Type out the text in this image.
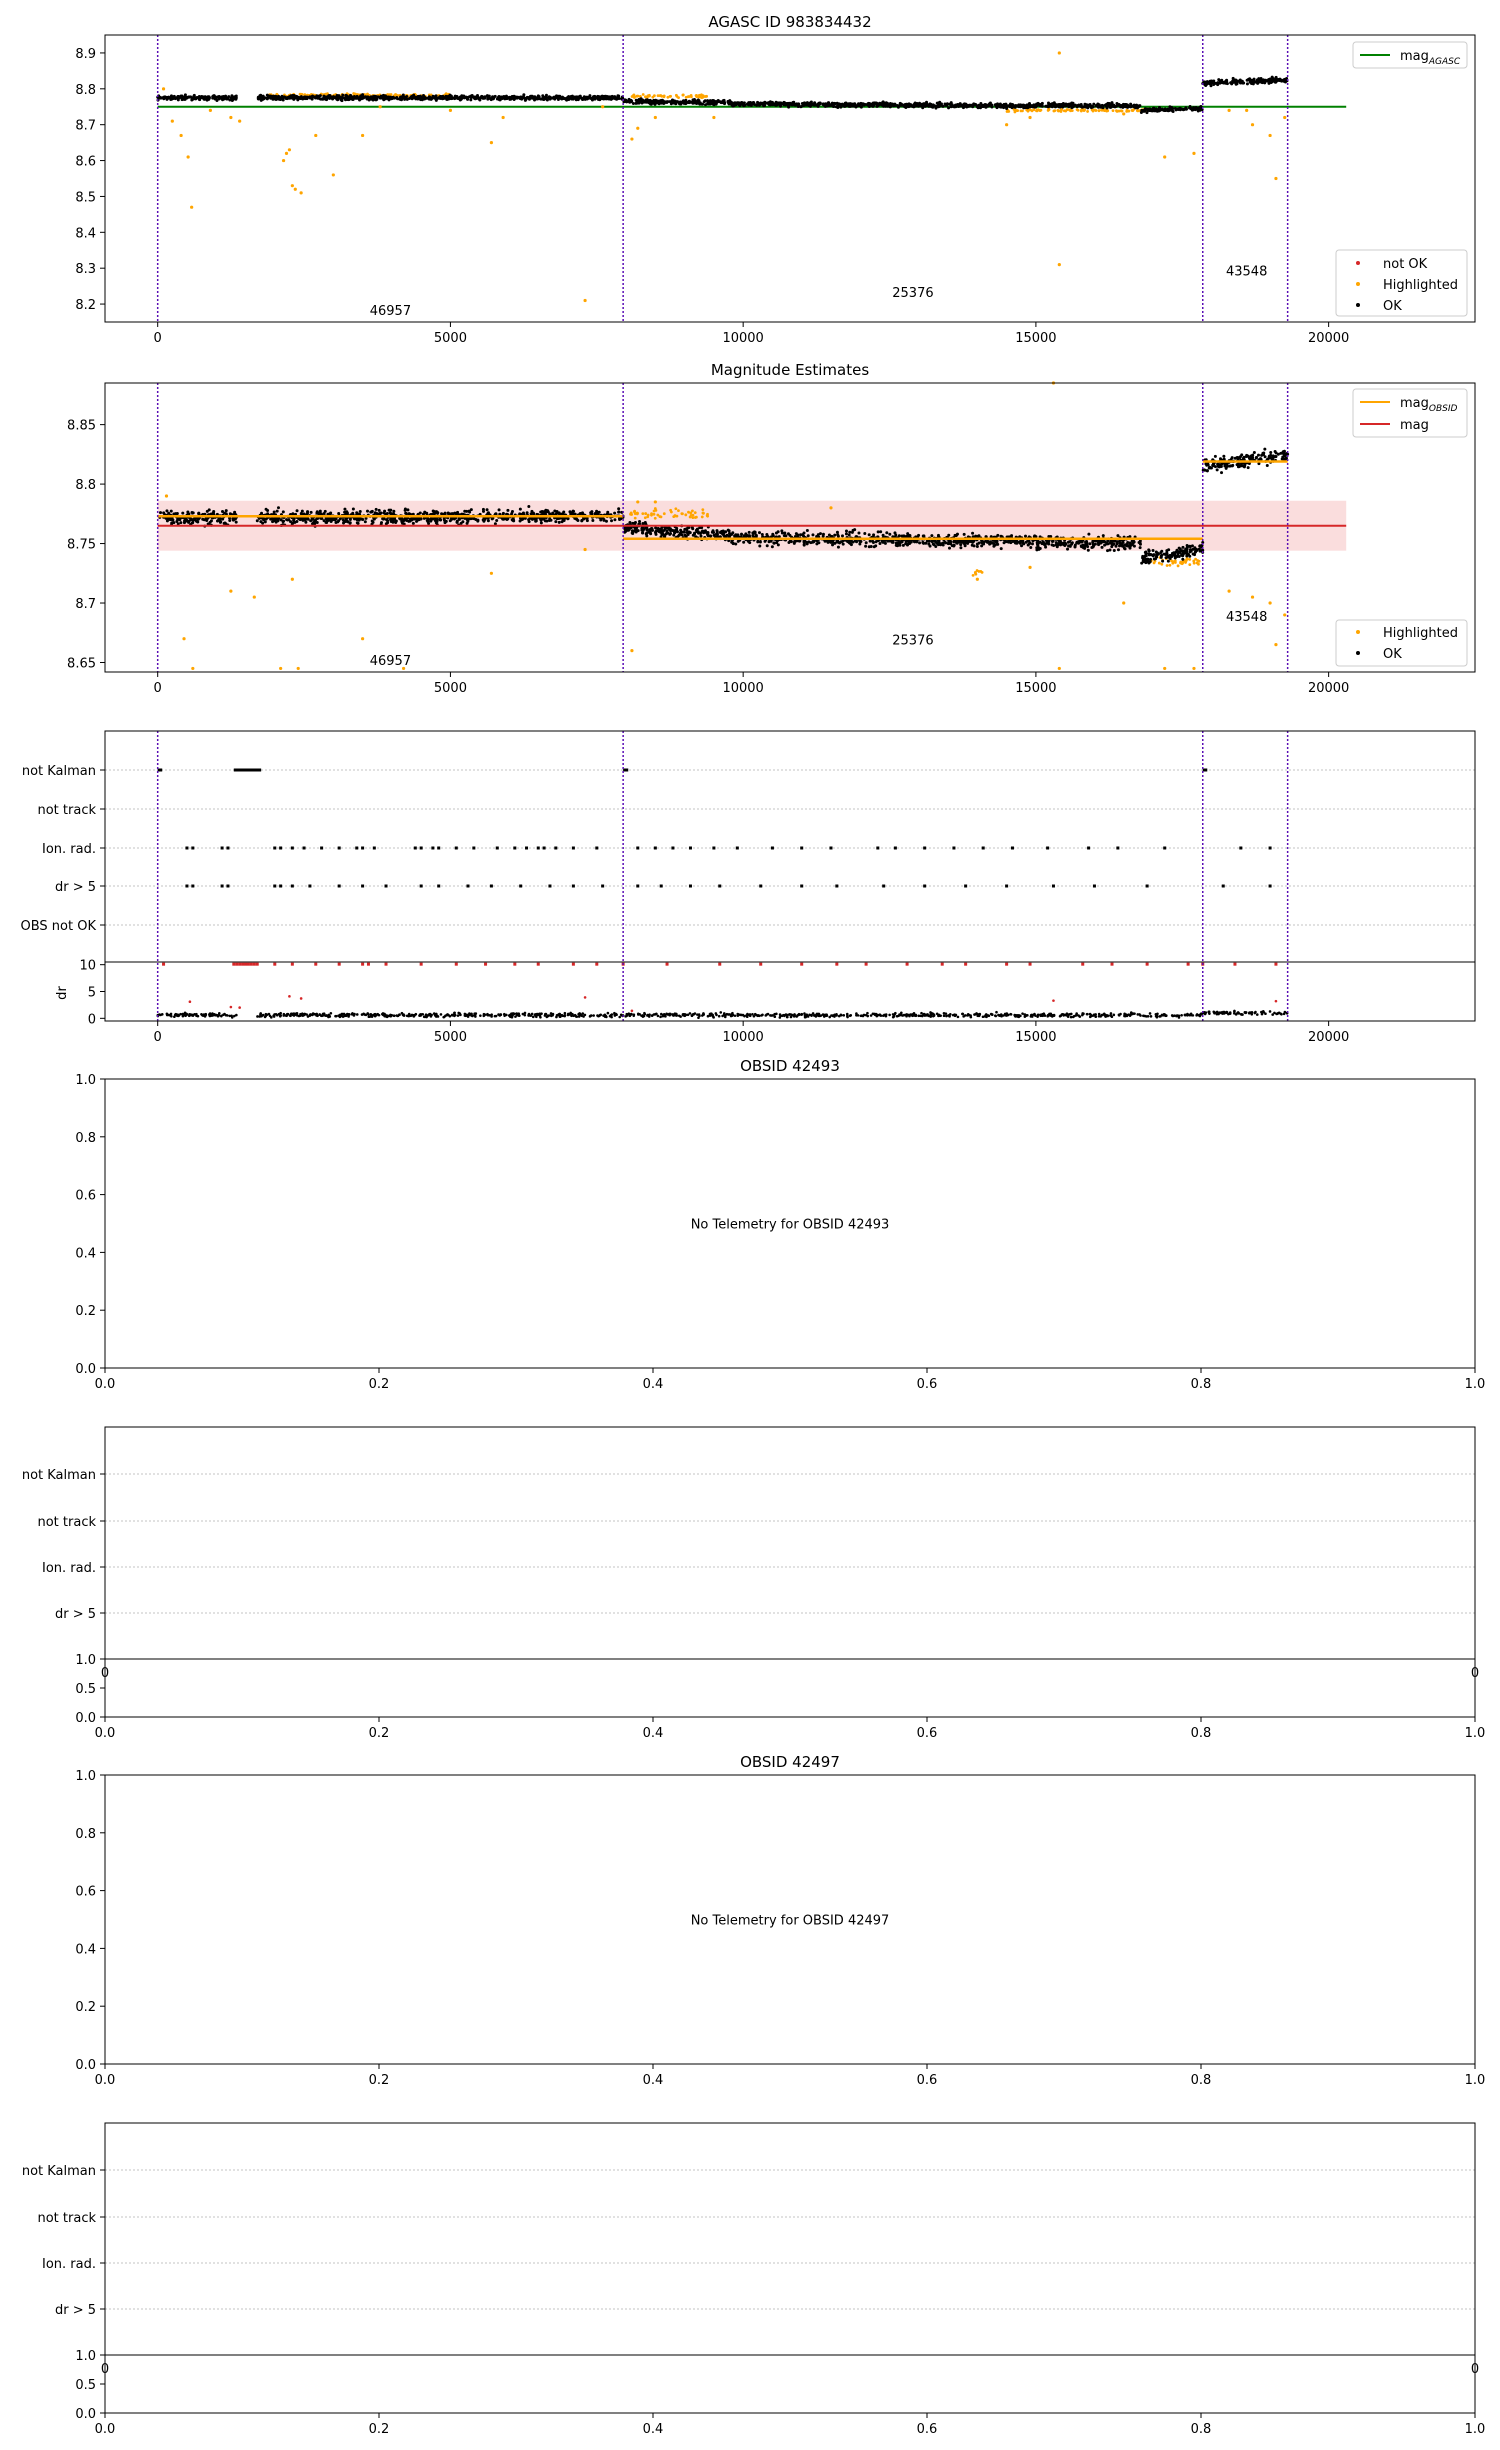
AGASC ID 983834432
46957
25376
43548
0	5000	10000	15000	20000
8.2
8.3
8.4
8.5
8.6
8.7
8.8
8.9	mag$_{AGASC}$
not OK
Highlighted
OK
Magnitude Estimates
46957
25376
43548
0	5000	10000	15000	20000
8.65
8.7
8.75
8.8
8.85
mag$_{OBSID}$
mag
Highlighted
OK
not Kalman
not track
Ion. rad.
dr > 5
OBS not OK
0
5
10
dr
0	5000	10000	15000	20000
OBSID 42493
0.0	0.2	0.4	0.6	0.8	1.0
0.0
0.2
0.4
0.6
0.8
1.0
No Telemetry for OBSID 42493
not Kalman
not track
Ion. rad.
dr > 5
0	0
0.0
0.5
1.0
0.0	0.2	0.4	0.6	0.8	1.0
OBSID 42497
0.0	0.2	0.4	0.6	0.8	1.0
0.0
0.2
0.4
0.6
0.8
1.0
No Telemetry for OBSID 42497
not Kalman
not track
Ion. rad.
dr > 5
0	0
0.0
0.5
1.0
0.0	0.2	0.4	0.6	0.8	1.0
